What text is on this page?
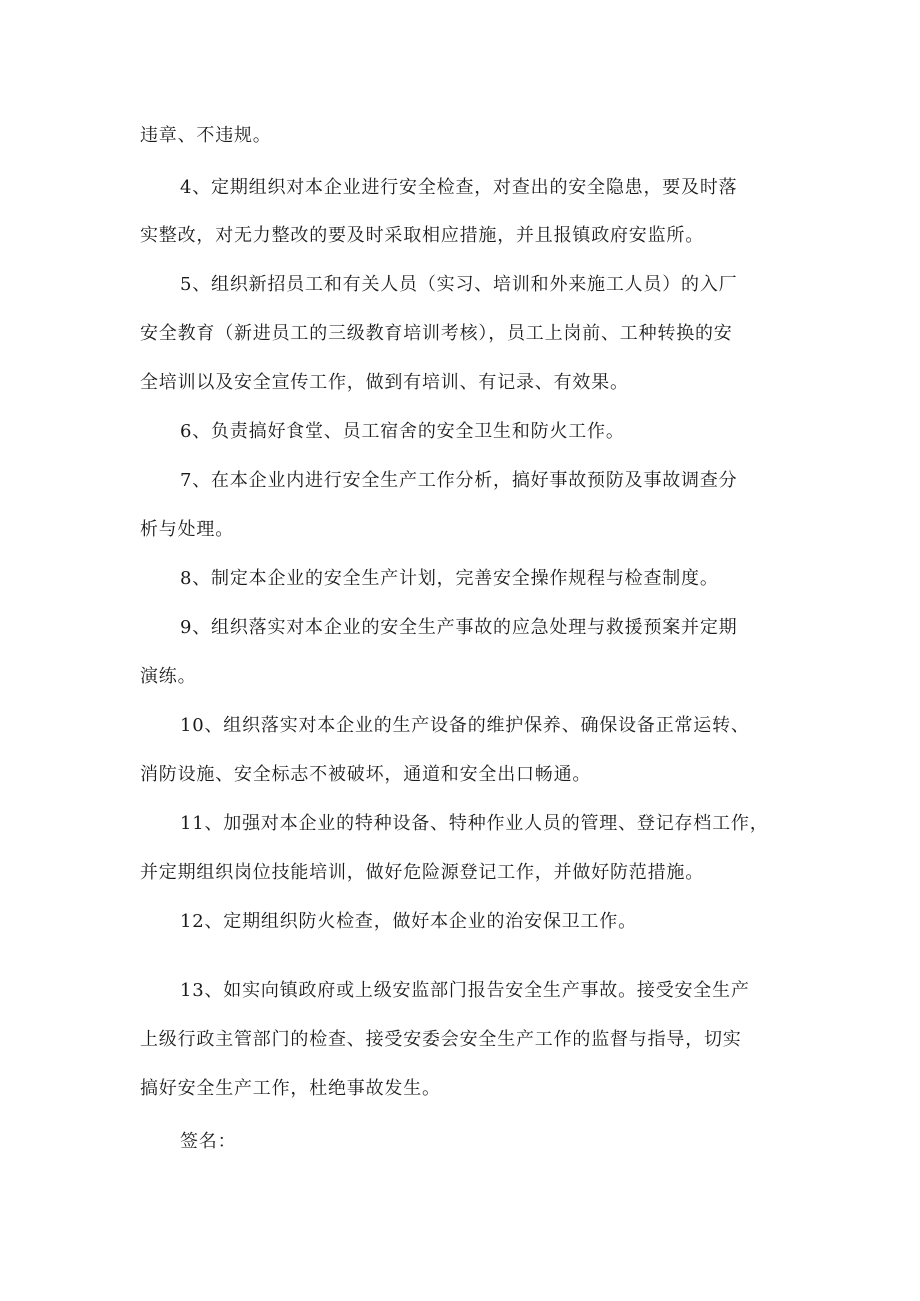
违章、不违规。
4、定期组织对本企业进行安全检查，对查出的安全隐患，要及时落
实整改，对无力整改的要及时采取相应措施，并且报镇政府安监所。
5、组织新招员工和有关人员（实习、培训和外来施工人员）的入厂
安全教育（新进员工的三级教育培训考核），员工上岗前、工种转换的安
全培训以及安全宣传工作，做到有培训、有记录、有效果。
6、负责搞好食堂、员工宿舍的安全卫生和防火工作。
7、在本企业内进行安全生产工作分析，搞好事故预防及事故调查分
析与处理。
8、制定本企业的安全生产计划，完善安全操作规程与检查制度。
9、组织落实对本企业的安全生产事故的应急处理与救援预案并定期
演练。
10、组织落实对本企业的生产设备的维护保养、确保设备正常运转、
消防设施、安全标志不被破坏，通道和安全出口畅通。
11、加强对本企业的特种设备、特种作业人员的管理、登记存档工作，
并定期组织岗位技能培训，做好危险源登记工作，并做好防范措施。
12、定期组织防火检查，做好本企业的治安保卫工作。
13、如实向镇政府或上级安监部门报告安全生产事故。接受安全生产
上级行政主管部门的检查、接受安委会安全生产工作的监督与指导，切实
搞好安全生产工作，杜绝事故发生。
签名：
